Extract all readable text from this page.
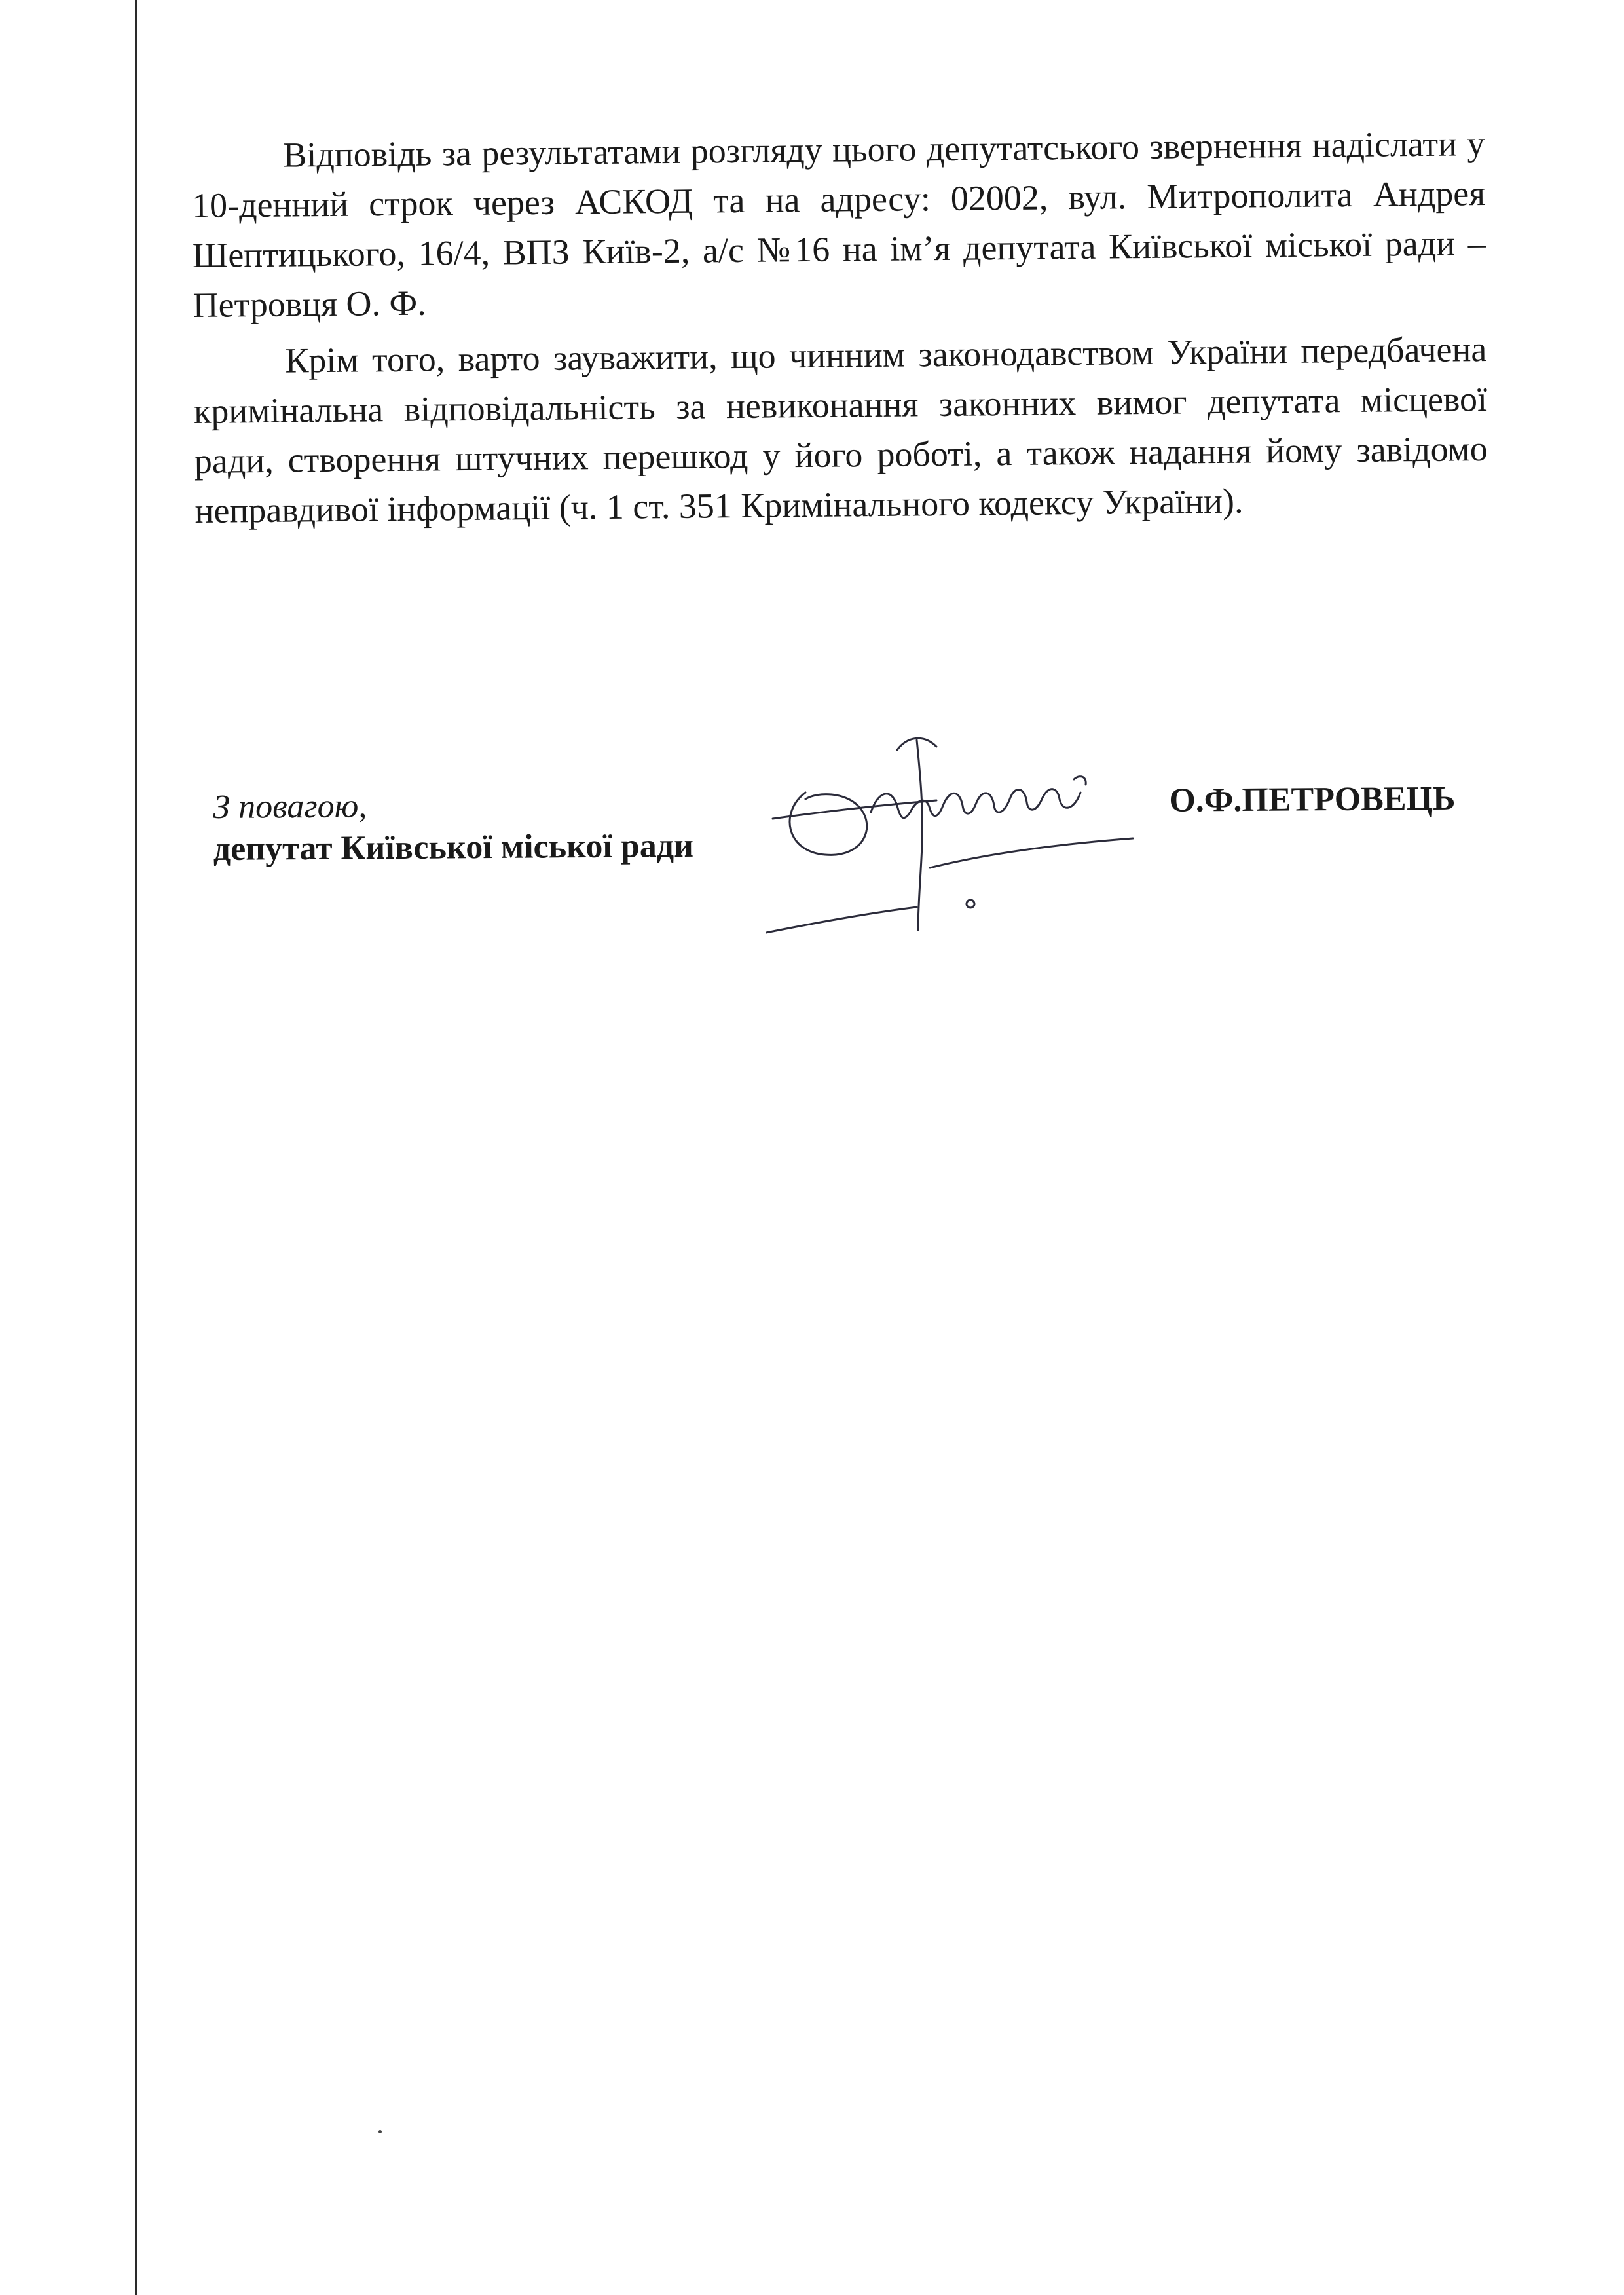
Відповідь за результатами розгляду цього депутатського звернення надіслати у 10-денний строк через АСКОД та на адресу: 02002, вул. Митрополита Андрея Шептицького, 16/4, ВПЗ Київ-2, а/с №16 на ім’я депутата Київської міської ради – Петровця О. Ф.

Крім того, варто зауважити, що чинним законодавством України передбачена кримінальна відповідальність за невиконання законних вимог депутата місцевої ради, створення штучних перешкод у його роботі, а також надання йому завідомо неправдивої інформації (ч. 1 ст. 351 Кримінального кодексу України).

З повагою,
депутат Київської міської ради
О.Ф.ПЕТРОВЕЦЬ
